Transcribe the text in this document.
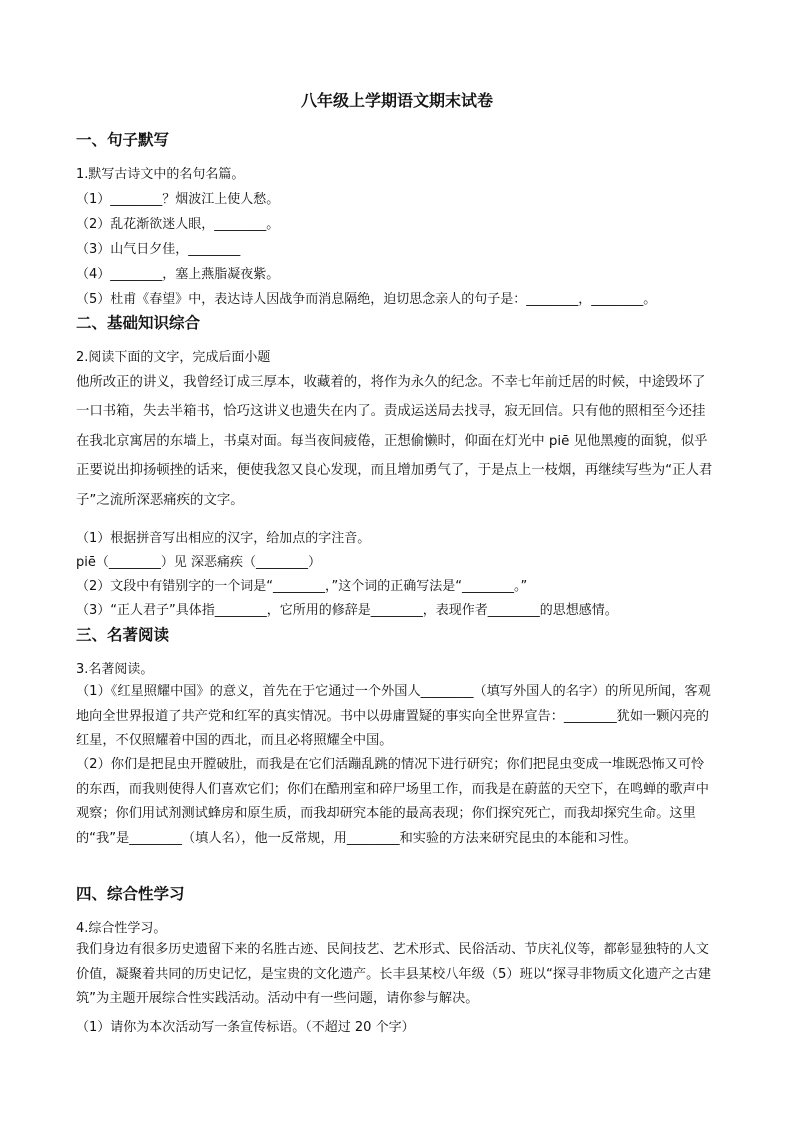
八年级上学期语文期末试卷
一、句子默写
1.默写古诗文中的名句名篇。
（1）________？烟波江上使人愁。
（2）乱花渐欲迷人眼，________。
（3）山气日夕佳，________
（4）________，塞上燕脂凝夜紫。
（5）杜甫《春望》中，表达诗人因战争而消息隔绝，迫切思念亲人的句子是：________，________。
二、基础知识综合
2.阅读下面的文字，完成后面小题
他所改正的讲义，我曾经订成三厚本，收藏着的，将作为永久的纪念。不幸七年前迁居的时候，中途毁坏了一口书箱，失去半箱书，恰巧这讲义也遗失在内了。责成运送局去找寻，寂无回信。只有他的照相至今还挂在我北京寓居的东墙上，书桌对面。每当夜间疲倦，正想偷懒时，仰面在灯光中 piē 见他黑瘦的面貌，似乎正要说出抑扬顿挫的话来，便使我忽又良心发现，而且增加勇气了，于是点上一枝烟，再继续写些为“正人君子”之流所深恶痛疾的文字。
（1）根据拼音写出相应的汉字，给加点的字注音。
piē（________）见 深恶痛疾（________）
（2）文段中有错别字的一个词是“________，”这个词的正确写法是“________。”
（3）“正人君子”具体指________，它所用的修辞是________，表现作者________的思想感情。
三、名著阅读
3.名著阅读。
（1）《红星照耀中国》的意义，首先在于它通过一个外国人________（填写外国人的名字）的所见所闻，客观地向全世界报道了共产党和红军的真实情况。书中以毋庸置疑的事实向全世界宣告：________犹如一颗闪亮的红星，不仅照耀着中国的西北，而且必将照耀全中国。
（2）你们是把昆虫开膛破肚，而我是在它们活蹦乱跳的情况下进行研究；你们把昆虫变成一堆既恐怖又可怜的东西，而我则使得人们喜欢它们；你们在酷刑室和碎尸场里工作，而我是在蔚蓝的天空下，在鸣蝉的歌声中观察；你们用试剂测试蜂房和原生质，而我却研究本能的最高表现；你们探究死亡，而我却探究生命。这里的“我”是________（填人名），他一反常规，用________和实验的方法来研究昆虫的本能和习性。
四、综合性学习
4.综合性学习。
我们身边有很多历史遗留下来的名胜古迹、民间技艺、艺术形式、民俗活动、节庆礼仪等，都彰显独特的人文价值，凝聚着共同的历史记忆，是宝贵的文化遗产。长丰县某校八年级（5）班以“探寻非物质文化遗产之古建筑”为主题开展综合性实践活动。活动中有一些问题，请你参与解决。
（1）请你为本次活动写一条宣传标语。（不超过 20 个字）
